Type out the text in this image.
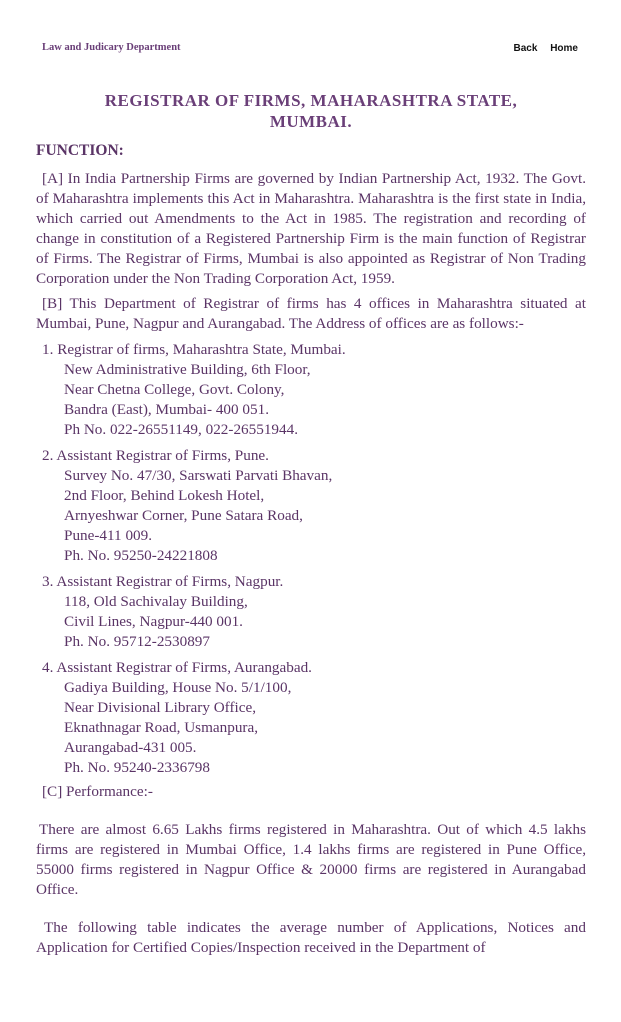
Law and Judicary Department	Back Home
REGISTRAR OF FIRMS, MAHARASHTRA STATE,
MUMBAI.
FUNCTION:

[A] In India Partnership Firms are governed by Indian Partnership Act, 1932. The Govt. of Maharashtra implements this Act in Maharashtra. Maharashtra is the first state in India, which carried out Amendments to the Act in 1985. The registration and recording of change in constitution of a Registered Partnership Firm is the main function of Registrar of Firms. The Registrar of Firms, Mumbai is also appointed as Registrar of Non Trading Corporation under the Non Trading Corporation Act, 1959.

[B] This Department of Registrar of firms has 4 offices in Maharashtra situated at Mumbai, Pune, Nagpur and Aurangabad. The Address of offices are as follows:-

1. Registrar of firms, Maharashtra State, Mumbai.
New Administrative Building, 6th Floor,
Near Chetna College, Govt. Colony,
Bandra (East), Mumbai- 400 051.
Ph No. 022-26551149, 022-26551944.
2. Assistant Registrar of Firms, Pune.
Survey No. 47/30, Sarswati Parvati Bhavan,
2nd Floor, Behind Lokesh Hotel,
Arnyeshwar Corner, Pune Satara Road,
Pune-411 009.
Ph. No. 95250-24221808
3. Assistant Registrar of Firms, Nagpur.
118, Old Sachivalay Building,
Civil Lines, Nagpur-440 001.
Ph. No. 95712-2530897
4. Assistant Registrar of Firms, Aurangabad.
Gadiya Building, House No. 5/1/100,
Near Divisional Library Office,
Eknathnagar Road, Usmanpura,
Aurangabad-431 005.
Ph. No. 95240-2336798
[C] Performance:-

There are almost 6.65 Lakhs firms registered in Maharashtra. Out of which 4.5 lakhs firms are registered in Mumbai Office, 1.4 lakhs firms are registered in Pune Office, 55000 firms registered in Nagpur Office & 20000 firms are registered in Aurangabad Office.

The following table indicates the average number of Applications, Notices and Application for Certified Copies/Inspection received in the Department of
